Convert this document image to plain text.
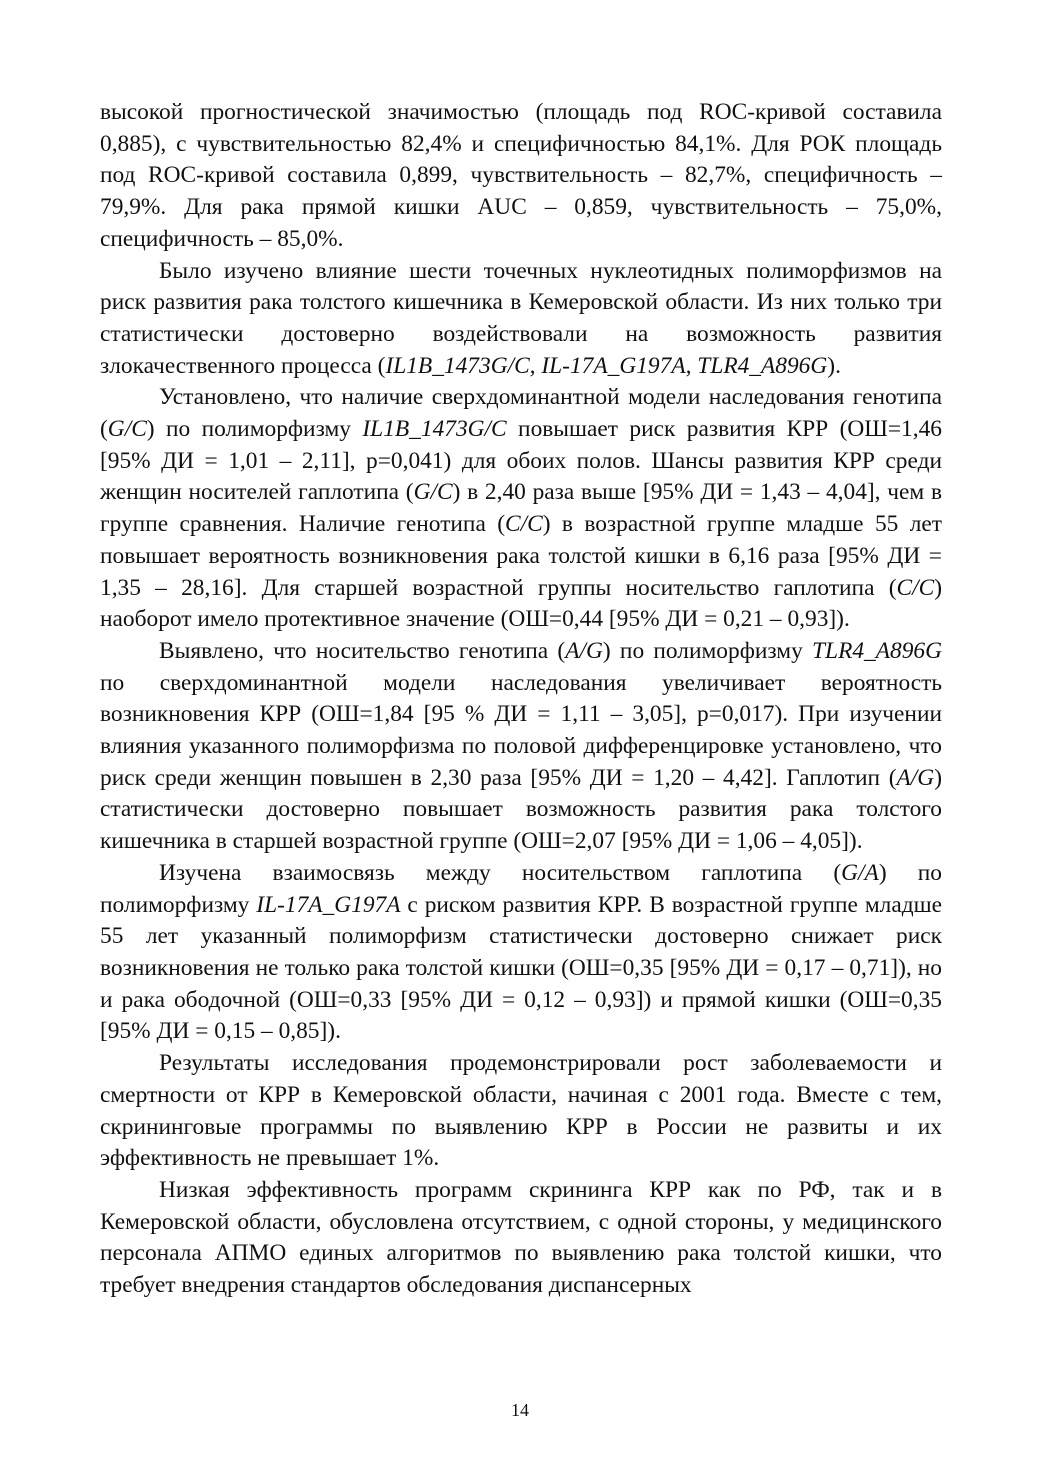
высокой прогностической значимостью (площадь под ROC-кривой составила 0,885), с чувствительностью 82,4% и специфичностью 84,1%. Для РОК площадь под ROC-кривой составила 0,899, чувствительность – 82,7%, специфичность – 79,9%. Для рака прямой кишки AUC – 0,859, чувствительность – 75,0%, специфичность – 85,0%.

Было изучено влияние шести точечных нуклеотидных полиморфизмов на риск развития рака толстого кишечника в Кемеровской области. Из них только три статистически достоверно воздействовали на возможность развития злокачественного процесса (IL1B_1473G/C, IL-17A_G197A, TLR4_A896G).

Установлено, что наличие сверхдоминантной модели наследования генотипа (G/C) по полиморфизму IL1B_1473G/C повышает риск развития КРР (ОШ=1,46 [95% ДИ = 1,01 – 2,11], p=0,041) для обоих полов. Шансы развития КРР среди женщин носителей гаплотипа (G/C) в 2,40 раза выше [95% ДИ = 1,43 – 4,04], чем в группе сравнения. Наличие генотипа (C/C) в возрастной группе младше 55 лет повышает вероятность возникновения рака толстой кишки в 6,16 раза [95% ДИ = 1,35 – 28,16]. Для старшей возрастной группы носительство гаплотипа (C/C) наоборот имело протективное значение (ОШ=0,44 [95% ДИ = 0,21 – 0,93]).

Выявлено, что носительство генотипа (A/G) по полиморфизму TLR4_A896G по сверхдоминантной модели наследования увеличивает вероятность возникновения КРР (ОШ=1,84 [95 % ДИ = 1,11 – 3,05], p=0,017). При изучении влияния указанного полиморфизма по половой дифференцировке установлено, что риск среди женщин повышен в 2,30 раза [95% ДИ = 1,20 – 4,42]. Гаплотип (A/G) статистически достоверно повышает возможность развития рака толстого кишечника в старшей возрастной группе (ОШ=2,07 [95% ДИ = 1,06 – 4,05]).

Изучена взаимосвязь между носительством гаплотипа (G/A) по полиморфизму IL-17A_G197A с риском развития КРР. В возрастной группе младше 55 лет указанный полиморфизм статистически достоверно снижает риск возникновения не только рака толстой кишки (ОШ=0,35 [95% ДИ = 0,17 – 0,71]), но и рака ободочной (ОШ=0,33 [95% ДИ = 0,12 – 0,93]) и прямой кишки (ОШ=0,35 [95% ДИ = 0,15 – 0,85]).

Результаты исследования продемонстрировали рост заболеваемости и смертности от КРР в Кемеровской области, начиная с 2001 года. Вместе с тем, скрининговые программы по выявлению КРР в России не развиты и их эффективность не превышает 1%.

Низкая эффективность программ скрининга КРР как по РФ, так и в Кемеровской области, обусловлена отсутствием, с одной стороны, у медицинского персонала АПМО единых алгоритмов по выявлению рака толстой кишки, что требует внедрения стандартов обследования диспансерных

14
